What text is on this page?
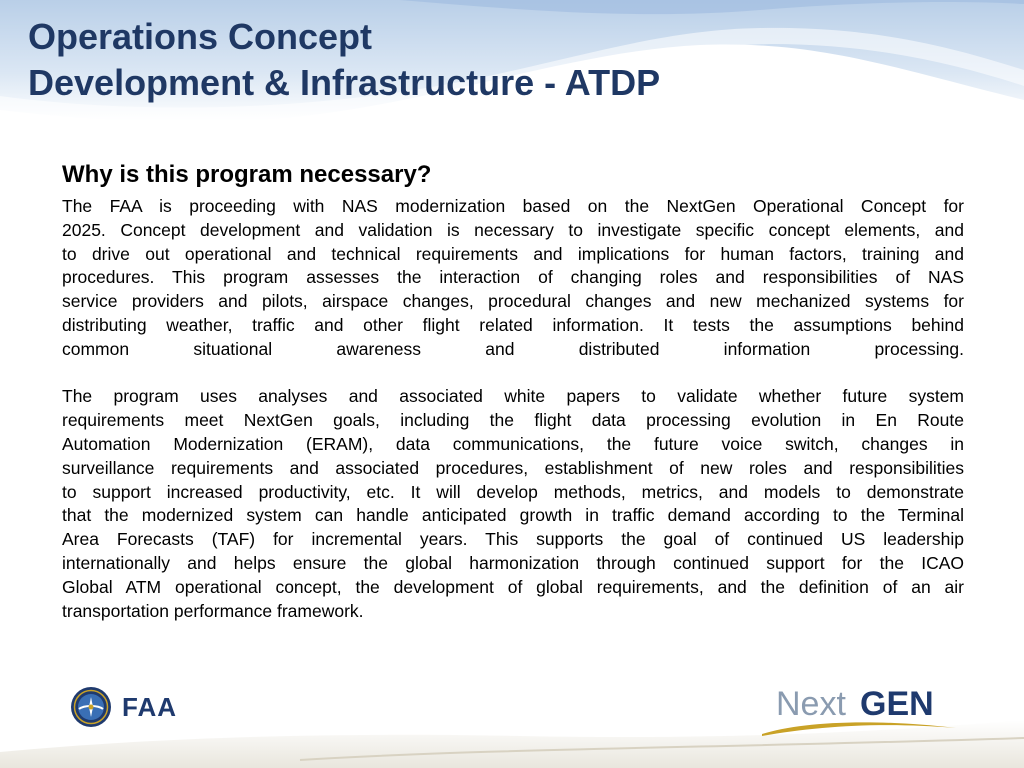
Operations Concept
Development & Infrastructure - ATDP
Why is this program necessary?

The FAA is proceeding with NAS modernization based on the NextGen Operational Concept for

2025. Concept development and validation is necessary to investigate specific concept elements, and

to drive out operational and technical requirements and implications for human factors, training and

procedures. This program assesses the interaction of changing roles and responsibilities of NAS

service providers and pilots, airspace changes, procedural changes and new mechanized systems for

distributing weather, traffic and other flight related information. It tests the assumptions behind

common situational awareness and distributed information processing.

The program uses analyses and associated white papers to validate whether future system

requirements meet NextGen goals, including the flight data processing evolution in En Route

Automation Modernization (ERAM), data communications, the future voice switch, changes in

surveillance requirements and associated procedures, establishment of new roles and responsibilities

to support increased productivity, etc. It will develop methods, metrics, and models to demonstrate

that the modernized system can handle anticipated growth in traffic demand according to the Terminal

Area Forecasts (TAF) for incremental years. This supports the goal of continued US leadership

internationally and helps ensure the global harmonization through continued support for the ICAO

Global ATM operational concept, the development of global requirements, and the definition of an air

transportation performance framework.

FAA	Next GEN
